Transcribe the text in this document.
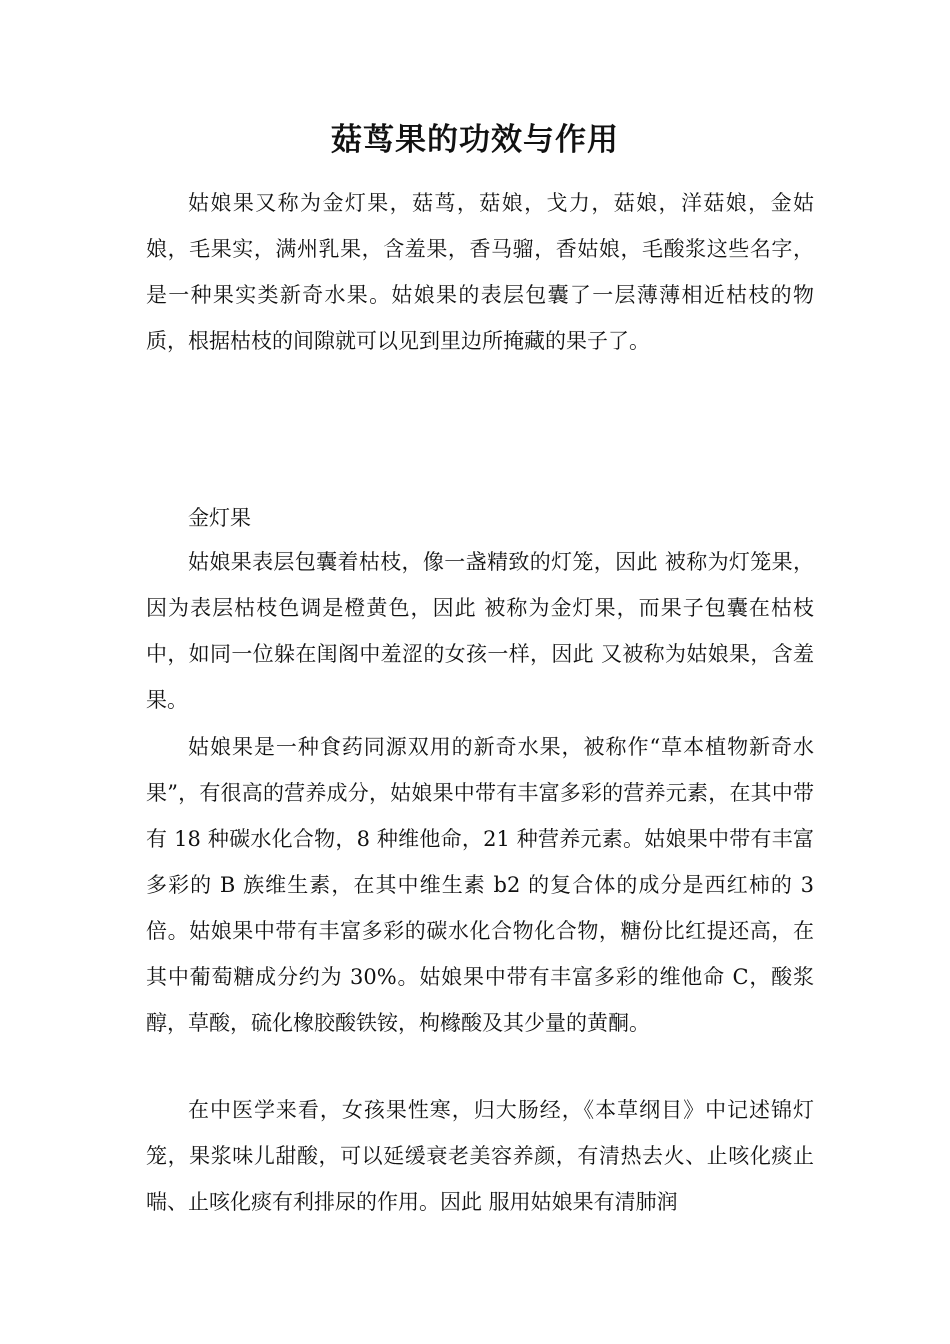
菇茑果的功效与作用

姑娘果又称为金灯果，菇茑，菇娘，戈力，菇娘，洋菇娘，金姑娘，毛果实，满州乳果，含羞果，香马骝，香姑娘，毛酸浆这些名字，是一种果实类新奇水果。姑娘果的表层包囊了一层薄薄相近枯枝的物质，根据枯枝的间隙就可以见到里边所掩藏的果子了。

金灯果

姑娘果表层包囊着枯枝，像一盏精致的灯笼，因此 被称为灯笼果，因为表层枯枝色调是橙黄色，因此 被称为金灯果，而果子包囊在枯枝中，如同一位躲在闺阁中羞涩的女孩一样，因此 又被称为姑娘果，含羞果。

姑娘果是一种食药同源双用的新奇水果，被称作“草本植物新奇水果”，有很高的营养成分，姑娘果中带有丰富多彩的营养元素，在其中带有 18 种碳水化合物，8 种维他命，21 种营养元素。姑娘果中带有丰富多彩的 B 族维生素，在其中维生素 b2 的复合体的成分是西红柿的 3 倍。姑娘果中带有丰富多彩的碳水化合物化合物，糖份比红提还高，在其中葡萄糖成分约为 30%。姑娘果中带有丰富多彩的维他命 C，酸浆醇，草酸，硫化橡胶酸铁铵，枸橼酸及其少量的黄酮。

在中医学来看，女孩果性寒，归大肠经，《本草纲目》中记述锦灯笼，果浆味儿甜酸，可以延缓衰老美容养颜，有清热去火、止咳化痰止喘、止咳化痰有利排尿的作用。因此 服用姑娘果有清肺润
